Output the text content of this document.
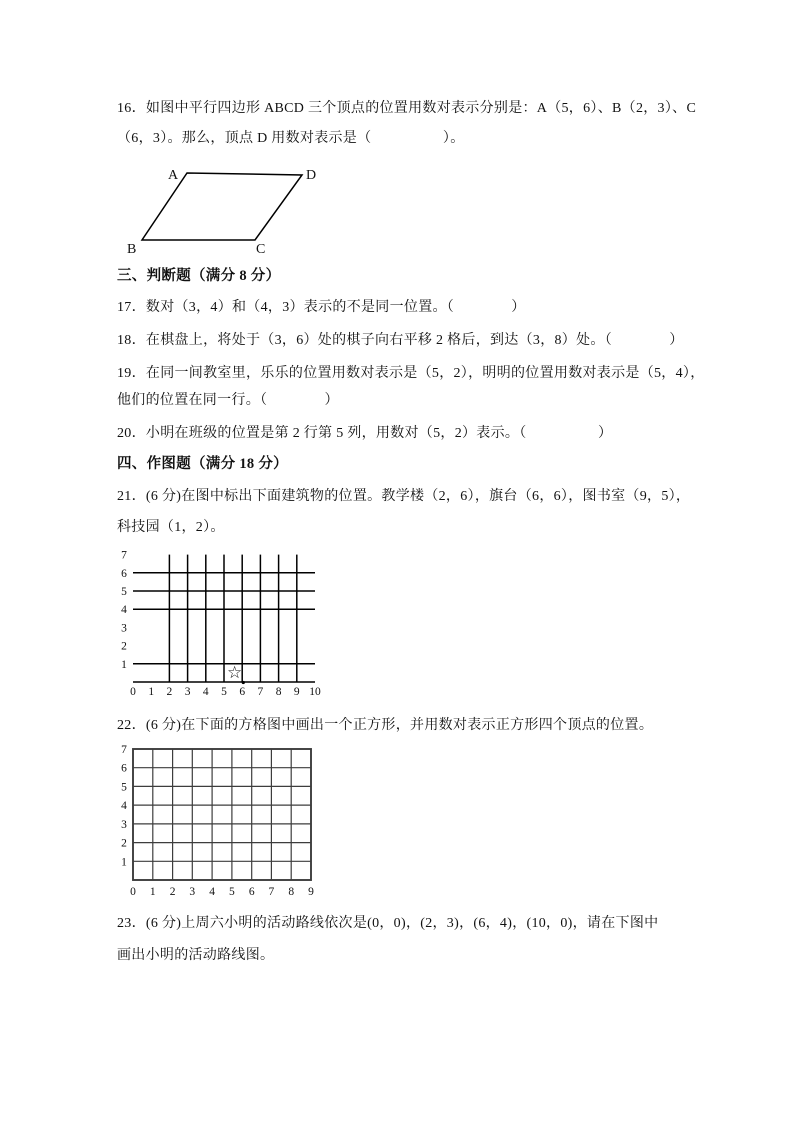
16．如图中平行四边形 ABCD 三个顶点的位置用数对表示分别是：A（5，6）、B（2，3）、C
（6，3）。那么，顶点 D 用数对表示是（　　　　　）。
A	D
B	C
三、判断题（满分 8 分）
17．数对（3，4）和（4，3）表示的不是同一位置。（　　　　）
18．在棋盘上，将处于（3，6）处的棋子向右平移 2 格后，到达（3，8）处。（　　　　）
19．在同一间教室里，乐乐的位置用数对表示是（5，2），明明的位置用数对表示是（5，4），
他们的位置在同一行。（　　　　）
20．小明在班级的位置是第 2 行第 5 列，用数对（5，2）表示。（　　　　　）
四、作图题（满分 18 分）
21．(6 分)在图中标出下面建筑物的位置。教学楼（2，6），旗台（6，6），图书室（9，5），
科技园（1，2）。
7
6
5
4
3
2
1
0 1 2 3 4 5 6 7 8 9 10
☆
22．(6 分)在下面的方格图中画出一个正方形，并用数对表示正方形四个顶点的位置。
7
6
5
4
3
2
1
0 1 2 3 4 5 6 7 8 9
23．(6 分)上周六小明的活动路线依次是(0，0)，(2，3)，(6，4)，(10，0)，请在下图中
画出小明的活动路线图。
